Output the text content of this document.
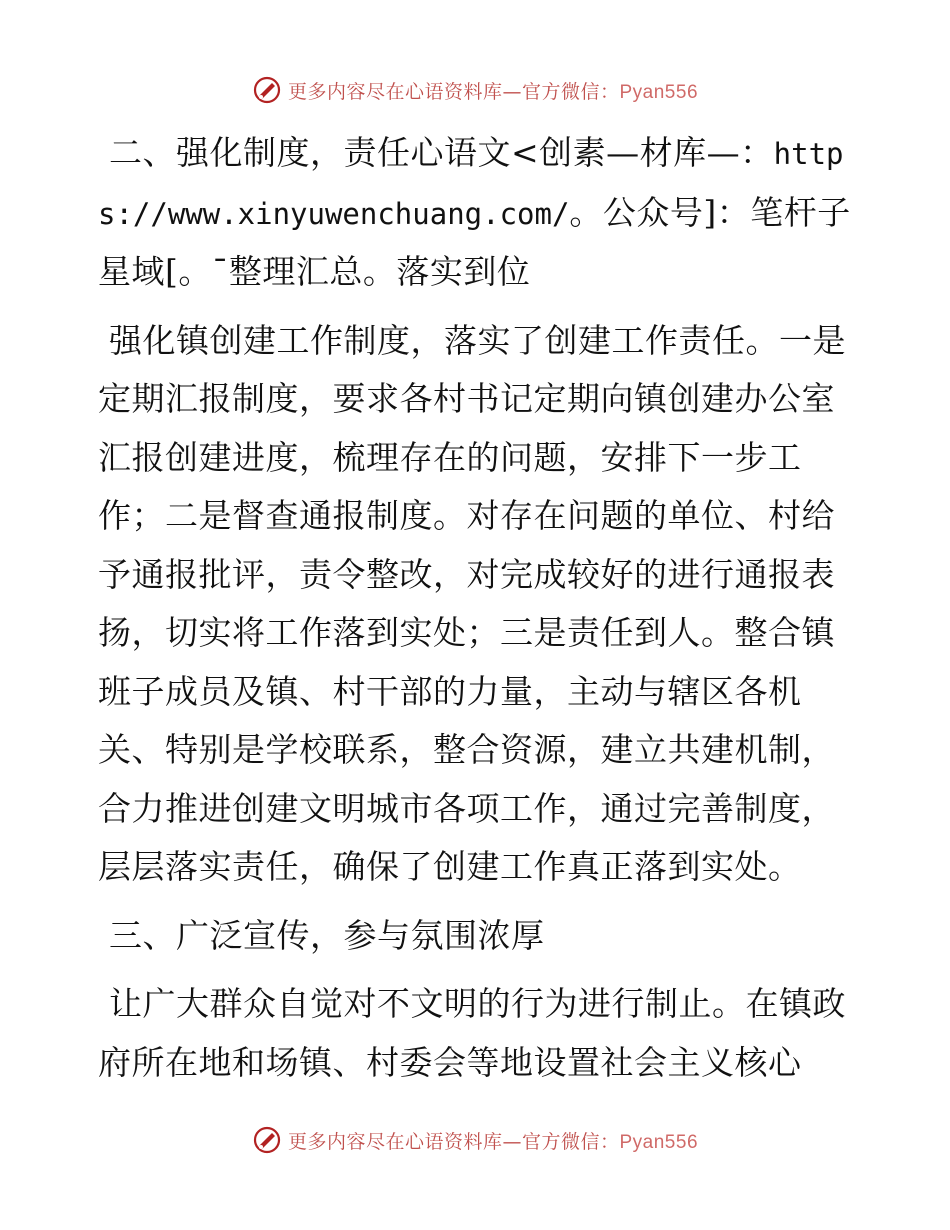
更多内容尽在心语资料库—官方微信：Pyan556

二、强化制度，责任心语文<创素—材库—：https://www.xinyuwenchuang.com/。公众号]：笔杆子星域[。¯整理汇总。落实到位

强化镇创建工作制度，落实了创建工作责任。一是定期汇报制度，要求各村书记定期向镇创建办公室汇报创建进度，梳理存在的问题，安排下一步工作；二是督查通报制度。对存在问题的单位、村给予通报批评，责令整改，对完成较好的进行通报表扬，切实将工作落到实处；三是责任到人。整合镇班子成员及镇、村干部的力量，主动与辖区各机关、特别是学校联系，整合资源，建立共建机制，合力推进创建文明城市各项工作，通过完善制度，层层落实责任，确保了创建工作真正落到实处。

三、广泛宣传，参与氛围浓厚

让广大群众自觉对不文明的行为进行制止。在镇政府所在地和场镇、村委会等地设置社会主义核心

更多内容尽在心语资料库—官方微信：Pyan556
